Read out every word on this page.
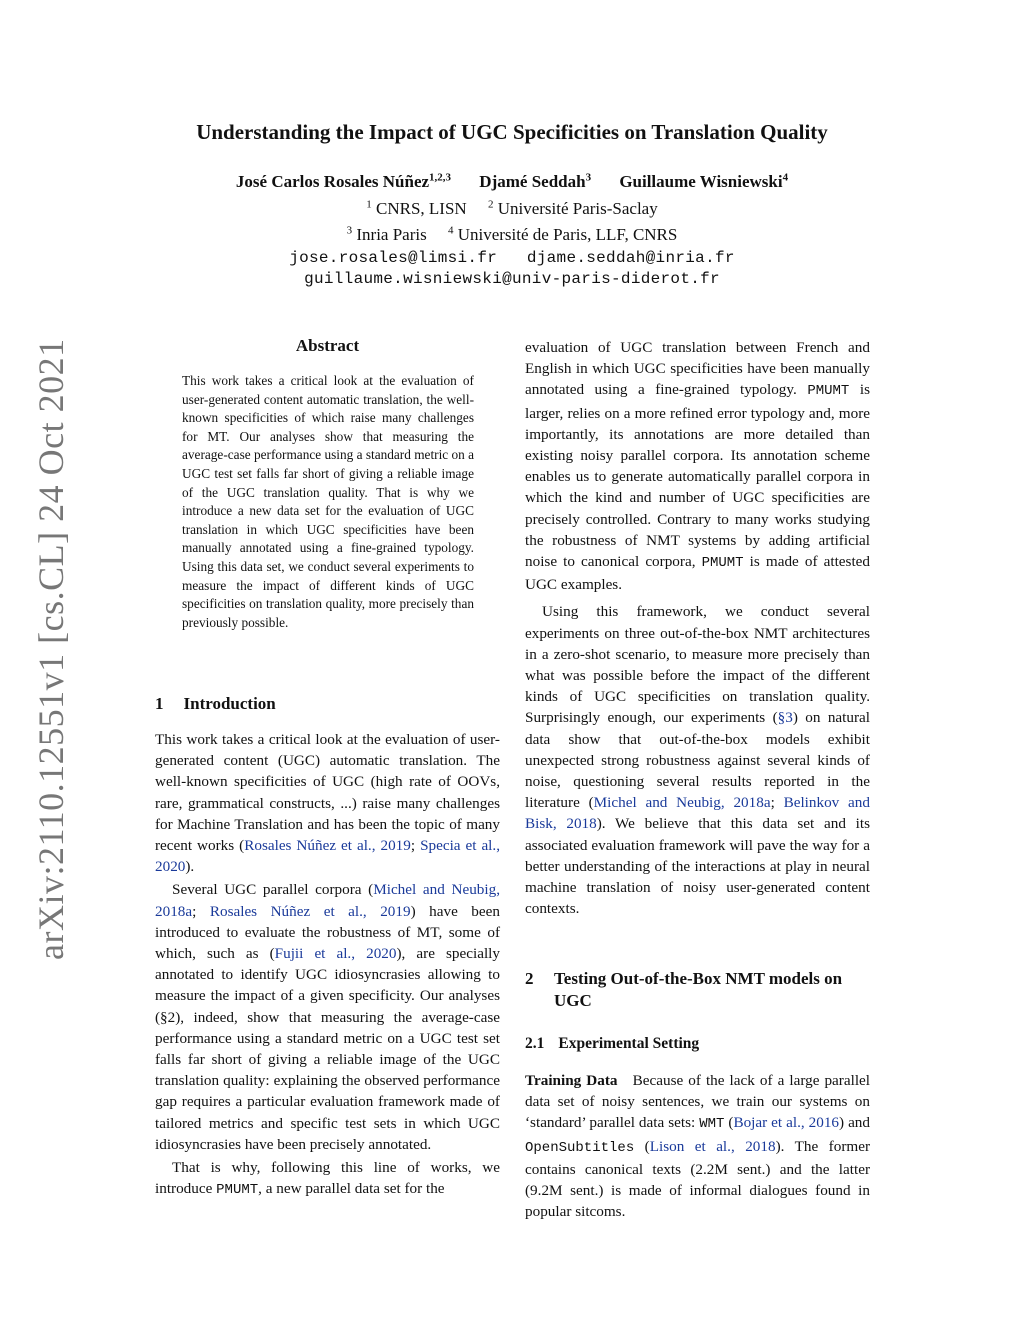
Understanding the Impact of UGC Specificities on Translation Quality
José Carlos Rosales Núñez$^{1,2,3}$ Djamé Seddah$^3$ Guillaume Wisniewski$^4$
$^1$ CNRS, LISN $^2$ Université Paris-Saclay
$^3$ Inria Paris $^4$ Université de Paris, LLF, CNRS
jose.rosales@limsi.fr   djame.seddah@inria.fr
guillaume.wisniewski@univ-paris-diderot.fr
arXiv:2110.12551v1 [cs.CL] 24 Oct 2021	Abstract
This work takes a critical look at the evaluation of user-generated content automatic translation, the well-known specificities of which raise many challenges for MT. Our analyses show that measuring the average-case performance using a standard metric on a UGC test set falls far short of giving a reliable image of the UGC translation quality. That is why we introduce a new data set for the evaluation of UGC translation in which UGC specificities have been manually annotated using a fine-grained typology. Using this data set, we conduct several experiments to measure the impact of different kinds of UGC specificities on translation quality, more precisely than previously possible.
1 Introduction

This work takes a critical look at the evaluation of user-generated content (UGC) automatic translation. The well-known specificities of UGC (high rate of OOVs, rare, grammatical constructs, ...) raise many challenges for Machine Translation and has been the topic of many recent works (Rosales Núñez et al., 2019; Specia et al., 2020).

Several UGC parallel corpora (Michel and Neubig, 2018a; Rosales Núñez et al., 2019) have been introduced to evaluate the robustness of MT, some of which, such as (Fujii et al., 2020), are specially annotated to identify UGC idiosyncrasies allowing to measure the impact of a given specificity. Our analyses (§2), indeed, show that measuring the average-case performance using a standard metric on a UGC test set falls far short of giving a reliable image of the UGC translation quality: explaining the observed performance gap requires a particular evaluation framework made of tailored metrics and specific test sets in which UGC idiosyncrasies have been precisely annotated.

That is why, following this line of works, we introduce PMUMT, a new parallel data set for the

evaluation of UGC translation between French and English in which UGC specificities have been manually annotated using a fine-grained typology. PMUMT is larger, relies on a more refined error typology and, more importantly, its annotations are more detailed than existing noisy parallel corpora. Its annotation scheme enables us to generate automatically parallel corpora in which the kind and number of UGC specificities are precisely controlled. Contrary to many works studying the robustness of NMT systems by adding artificial noise to canonical corpora, PMUMT is made of attested UGC examples.

Using this framework, we conduct several experiments on three out-of-the-box NMT architectures in a zero-shot scenario, to measure more precisely than what was possible before the impact of the different kinds of UGC specificities on translation quality. Surprisingly enough, our experiments (§3) on natural data show that out-of-the-box models exhibit unexpected strong robustness against several kinds of noise, questioning several results reported in the literature (Michel and Neubig, 2018a; Belinkov and Bisk, 2018). We believe that this data set and its associated evaluation framework will pave the way for a better understanding of the interactions at play in neural machine translation of noisy user-generated content contexts.

2	Testing Out-of-the-Box NMT models on UGC
2.1 Experimental Setting

Training Data Because of the lack of a large parallel data set of noisy sentences, we train our systems on ‘standard’ parallel data sets: WMT (Bojar et al., 2016) and OpenSubtitles (Lison et al., 2018). The former contains canonical texts (2.2M sent.) and the latter (9.2M sent.) is made of informal dialogues found in popular sitcoms.
